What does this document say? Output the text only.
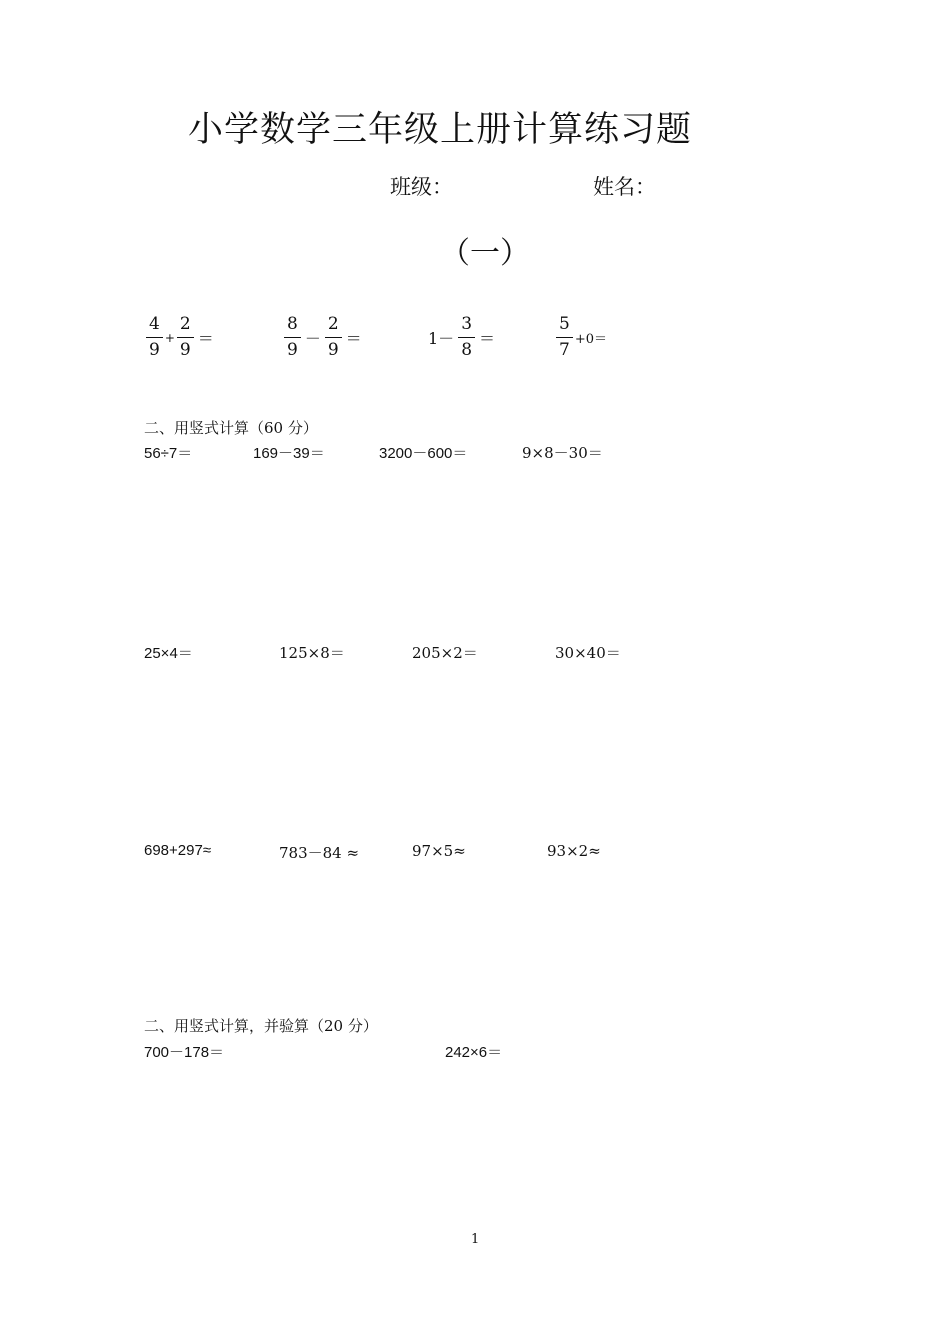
小学数学三年级上册计算练习题
班级：	姓名：
（一）
$\frac{4}{9} + \frac{2}{9}$ ＝	$\frac{8}{9} - \frac{2}{9}$ ＝	$1- \frac{3}{8}$ ＝	$\frac{5}{7} +0=$
二、用竖式计算（60 分）
56÷7＝	169－39＝	3200－600＝	9×8－30＝
25×4＝	125×8＝	205×2＝	30×40＝
698+297≈	783－84 ≈	97×5≈	93×2≈
二、用竖式计算，并验算（20 分）
700－178＝	242×6＝
1
